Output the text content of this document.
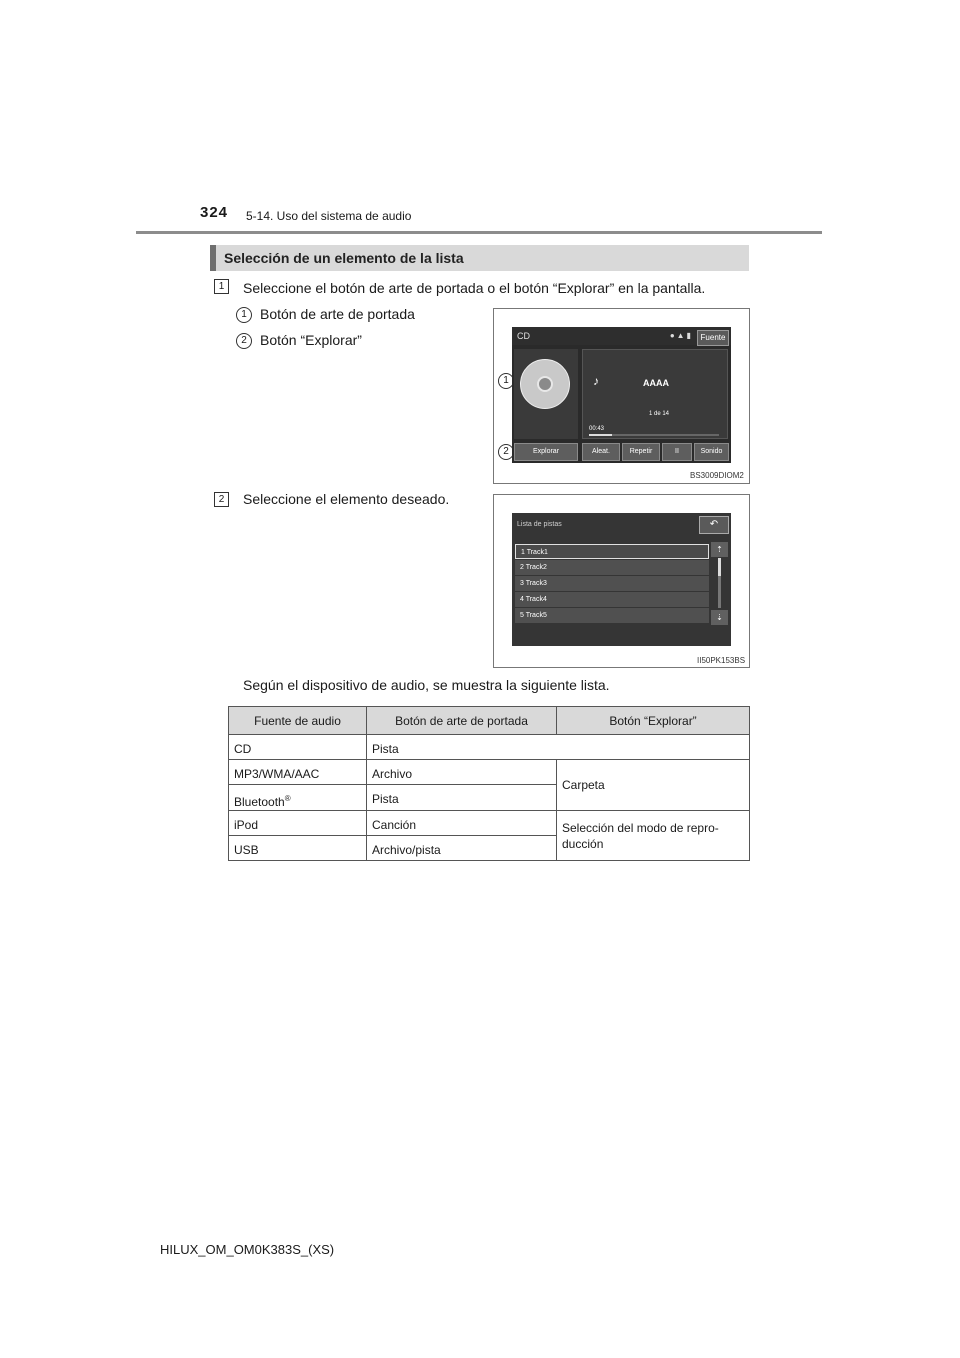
324 5-14. Uso del sistema de audio
Selección de un elemento de la lista
1	Seleccione el botón de arte de portada o el botón “Explorar” en la pantalla.
1 Botón de arte de portada
2 Botón “Explorar”
1
2
CD	●▲▮ Fuente
♪	AAAA
1 de 14
00:43
Explorar	Aleat.	Repetir	II	Sonido
BS3009DIOM2
2	Seleccione el elemento deseado.
Lista de pistas	↶
1 Track1
2 Track2
3 Track3
4 Track4
5 Track5
⇡
⇣
II50PK153BS
Según el dispositivo de audio, se muestra la siguiente lista.
Fuente de audio	Botón de arte de portada	Botón “Explorar”
CD	Pista	
MP3/WMA/AAC	Archivo	Carpeta
Bluetooth®	Pista	
iPod	Canción	Selección del modo de repro-
ducción
USB	Archivo/pista	
HILUX_OM_OM0K383S_(XS)
